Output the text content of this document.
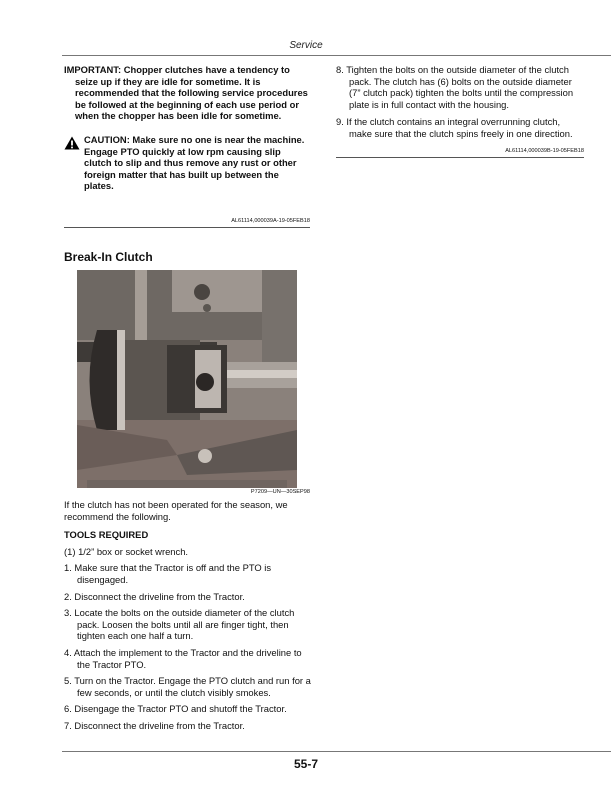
Service

IMPORTANT: Chopper clutches have a tendency to seize up if they are idle for sometime. It is recommended that the following service procedures be followed at the beginning of each use period or when the chopper has been idle for sometime.

CAUTION: Make sure no one is near the machine. Engage PTO quickly at low rpm causing slip clutch to slip and thus remove any rust or other foreign matter that has built up between the plates.
AL61114,000039A-19-05FEB18
Break-In Clutch
P7209—UN—30SEP98

If the clutch has not been operated for the season, we recommend the following.

TOOLS REQUIRED

(1) 1/2” box or socket wrench.

1. Make sure that the Tractor is off and the PTO is disengaged.

2. Disconnect the driveline from the Tractor.

3. Locate the bolts on the outside diameter of the clutch pack. Loosen the bolts until all are finger tight, then tighten each one half a turn.

4. Attach the implement to the Tractor and the driveline to the Tractor PTO.

5. Turn on the Tractor. Engage the PTO clutch and run for a few seconds, or until the clutch visibly smokes.

6. Disengage the Tractor PTO and shutoff the Tractor.

7. Disconnect the driveline from the Tractor.

8. Tighten the bolts on the outside diameter of the clutch pack. The clutch has (6) bolts on the outside diameter (7” clutch pack) tighten the bolts until the compression plate is in full contact with the housing.

9. If the clutch contains an integral overrunning clutch, make sure that the clutch spins freely in one direction.

AL61114,000039B-19-05FEB18
55-7
